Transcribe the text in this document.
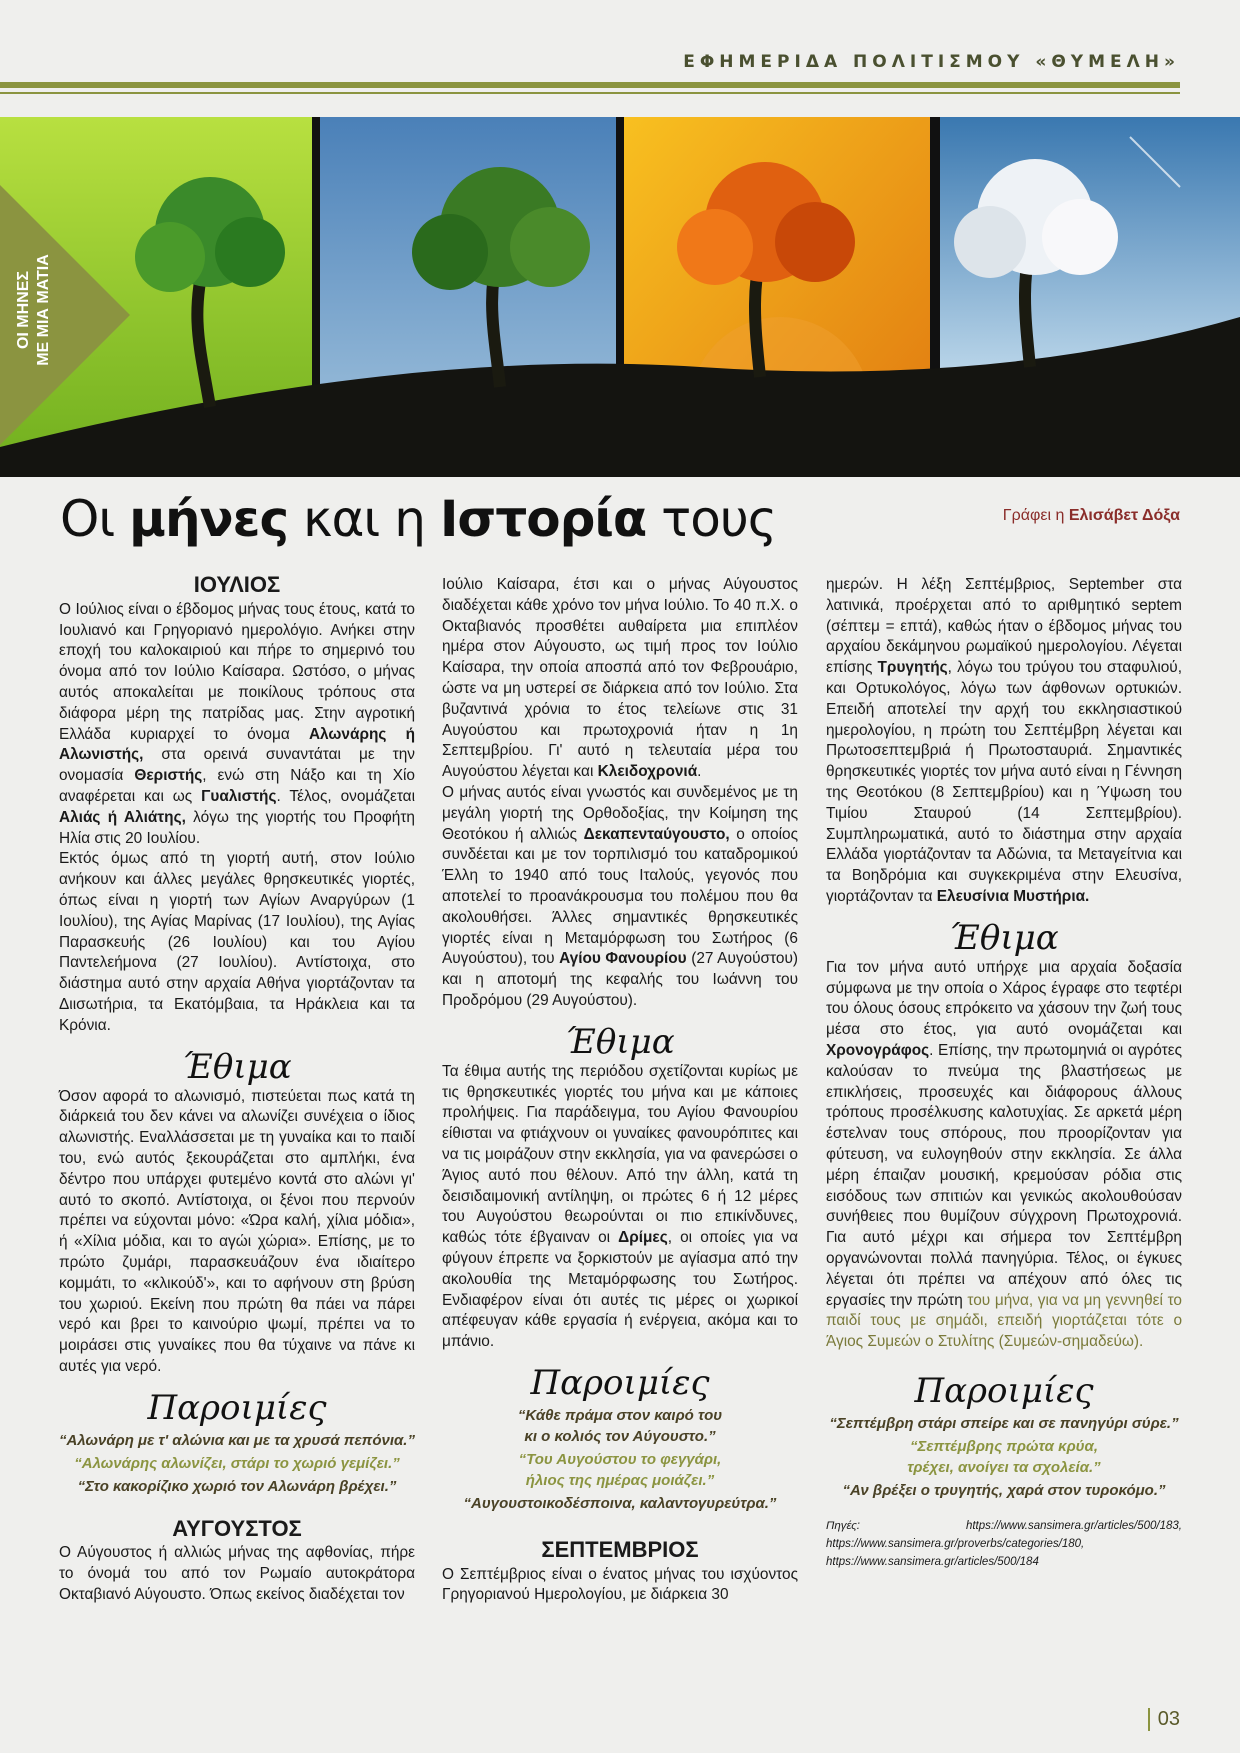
ΕΦΗΜΕΡΙΔΑ ΠΟΛΙΤΙΣΜΟΥ «ΘΥΜΕΛΗ»
ΟΙ ΜΗΝΕΣ ΜΕ ΜΙΑ ΜΑΤΙΑ
Οι μήνες και η Ιστορία τους	Γράφει η Ελισάβετ Δόξα
ΙΟΥΛΙΟΣ

Ο Ιούλιος είναι ο έβδομος μήνας τους έτους, κατά το Ιουλιανό και Γρηγοριανό ημερολόγιο. Ανήκει στην εποχή του καλοκαιριού και πήρε το σημερινό του όνομα από τον Ιούλιο Καίσαρα. Ωστόσο, ο μήνας αυτός αποκαλείται με ποικίλους τρόπους στα διάφορα μέρη της πατρίδας μας. Στην αγροτική Ελλάδα κυριαρχεί το όνομα Αλωνάρης ή Αλωνιστής, στα ορεινά συναντάται με την ονομασία Θεριστής, ενώ στη Νάξο και τη Χίο αναφέρεται και ως Γυαλιστής. Τέλος, ονομάζεται Αλιάς ή Αλιάτης, λόγω της γιορτής του Προφήτη Ηλία στις 20 Ιουλίου.

Εκτός όμως από τη γιορτή αυτή, στον Ιούλιο ανήκουν και άλλες μεγάλες θρησκευτικές γιορτές, όπως είναι η γιορτή των Αγίων Αναργύρων (1 Ιουλίου), της Αγίας Μαρίνας (17 Ιουλίου), της Αγίας Παρασκευής (26 Ιουλίου) και του Αγίου Παντελεήμονα (27 Ιουλίου). Αντίστοιχα, στο διάστημα αυτό στην αρχαία Αθήνα γιορτάζονταν τα Διισωτήρια, τα Εκατόμβαια, τα Ηράκλεια και τα Κρόνια.

Έθιμα

Όσον αφορά το αλωνισμό, πιστεύεται πως κατά τη διάρκειά του δεν κάνει να αλωνίζει συνέχεια ο ίδιος αλωνιστής. Εναλλάσσεται με τη γυναίκα και το παιδί του, ενώ αυτός ξεκουράζεται στο αμπλήκι, ένα δέντρο που υπάρχει φυτεμένο κοντά στο αλώνι γι' αυτό το σκοπό. Αντίστοιχα, οι ξένοι που περνούν πρέπει να εύχονται μόνο: «Ώρα καλή, χίλια μόδια», ή «Χίλια μόδια, και το αγώι χώρια». Επίσης, με το πρώτο ζυμάρι, παρασκευάζουν ένα ιδιαίτερο κομμάτι, το «κλικούδ'», και το αφήνουν στη βρύση του χωριού. Εκείνη που πρώτη θα πάει να πάρει νερό και βρει το καινούριο ψωμί, πρέπει να το μοιράσει στις γυναίκες που θα τύχαινε να πάνε κι αυτές για νερό.

Παροιμίες
“Αλωνάρη με τ' αλώνια και με τα χρυσά πεπόνια.”
“Αλωνάρης αλωνίζει, στάρι το χωριό γεμίζει.”
“Στο κακορίζικο χωριό τον Αλωνάρη βρέχει.”
ΑΥΓΟΥΣΤΟΣ

Ο Αύγουστος ή αλλιώς μήνας της αφθονίας, πήρε το όνομά του από τον Ρωμαίο αυτοκράτορα Οκταβιανό Αύγουστο. Όπως εκείνος διαδέχεται τον

Ιούλιο Καίσαρα, έτσι και ο μήνας Αύγουστος διαδέχεται κάθε χρόνο τον μήνα Ιούλιο. Το 40 π.Χ. ο Οκταβιανός προσθέτει αυθαίρετα μια επιπλέον ημέρα στον Αύγουστο, ως τιμή προς τον Ιούλιο Καίσαρα, την οποία αποσπά από τον Φεβρουάριο, ώστε να μη υστερεί σε διάρκεια από τον Ιούλιο. Στα βυζαντινά χρόνια το έτος τελείωνε στις 31 Αυγούστου και πρωτοχρονιά ήταν η 1η Σεπτεμβρίου. Γι' αυτό η τελευταία μέρα του Αυγούστου λέγεται και Κλειδοχρονιά.

Ο μήνας αυτός είναι γνωστός και συνδεμένος με τη μεγάλη γιορτή της Ορθοδοξίας, την Κοίμηση της Θεοτόκου ή αλλιώς Δεκαπενταύγουστο, ο οποίος συνδέεται και με τον τορπιλισμό του καταδρομικού Έλλη το 1940 από τους Ιταλούς, γεγονός που αποτελεί το προανάκρουσμα του πολέμου που θα ακολουθήσει. Άλλες σημαντικές θρησκευτικές γιορτές είναι η Μεταμόρφωση του Σωτήρος (6 Αυγούστου), του Αγίου Φανουρίου (27 Αυγούστου) και η αποτομή της κεφαλής του Ιωάννη του Προδρόμου (29 Αυγούστου).

Έθιμα

Τα έθιμα αυτής της περιόδου σχετίζονται κυρίως με τις θρησκευτικές γιορτές του μήνα και με κάποιες προλήψεις. Για παράδειγμα, του Αγίου Φανουρίου είθισται να φτιάχνουν οι γυναίκες φανουρόπιτες και να τις μοιράζουν στην εκκλησία, για να φανερώσει ο Άγιος αυτό που θέλουν. Από την άλλη, κατά τη δεισιδαιμονική αντίληψη, οι πρώτες 6 ή 12 μέρες του Αυγούστου θεωρούνται οι πιο επικίνδυνες, καθώς τότε έβγαιναν οι Δρίμες, οι οποίες για να φύγουν έπρεπε να ξορκιστούν με αγίασμα από την ακολουθία της Μεταμόρφωσης του Σωτήρος. Ενδιαφέρον είναι ότι αυτές τις μέρες οι χωρικοί απέφευγαν κάθε εργασία ή ενέργεια, ακόμα και το μπάνιο.

Παροιμίες
“Κάθε πράμα στον καιρό του
κι ο κολιός τον Αύγουστο.”
“Του Αυγούστου το φεγγάρι,
ήλιος της ημέρας μοιάζει.”
“Αυγουστοικοδέσποινα, καλαντογυρεύτρα.”
ΣΕΠΤΕΜΒΡΙΟΣ

Ο Σεπτέμβριος είναι ο ένατος μήνας του ισχύοντος Γρηγοριανού Ημερολογίου, με διάρκεια 30

ημερών. Η λέξη Σεπτέμβριος, September στα λατινικά, προέρχεται από το αριθμητικό septem (σέπτεμ = επτά), καθώς ήταν ο έβδομος μήνας του αρχαίου δεκάμηνου ρωμαϊκού ημερολογίου. Λέγεται επίσης Τρυγητής, λόγω του τρύγου του σταφυλιού, και Ορτυκολόγος, λόγω των άφθονων ορτυκιών. Επειδή αποτελεί την αρχή του εκκλησιαστικού ημερολογίου, η πρώτη του Σεπτέμβρη λέγεται και Πρωτοσεπτεμβριά ή Πρωτοσταυριά. Σημαντικές θρησκευτικές γιορτές τον μήνα αυτό είναι η Γέννηση της Θεοτόκου (8 Σεπτεμβρίου) και η Ύψωση του Τιμίου Σταυρού (14 Σεπτεμβρίου). Συμπληρωματικά, αυτό το διάστημα στην αρχαία Ελλάδα γιορτάζονταν τα Αδώνια, τα Μεταγείτνια και τα Βοηδρόμια και συγκεκριμένα στην Ελευσίνα, γιορτάζονταν τα Ελευσίνια Μυστήρια.

Έθιμα

Για τον μήνα αυτό υπήρχε μια αρχαία δοξασία σύμφωνα με την οποία ο Χάρος έγραφε στο τεφτέρι του όλους όσους επρόκειτο να χάσουν την ζωή τους μέσα στο έτος, για αυτό ονομάζεται και Χρονογράφος. Επίσης, την πρωτομηνιά οι αγρότες καλούσαν το πνεύμα της βλαστήσεως με επικλήσεις, προσευχές και διάφορους άλλους τρόπους προσέλκυσης καλοτυχίας. Σε αρκετά μέρη έστελναν τους σπόρους, που προορίζονταν για φύτευση, να ευλογηθούν στην εκκλησία. Σε άλλα μέρη έπαιζαν μουσική, κρεμούσαν ρόδια στις εισόδους των σπιτιών και γενικώς ακολουθούσαν συνήθειες που θυμίζουν σύγχρονη Πρωτοχρονιά. Για αυτό μέχρι και σήμερα τον Σεπτέμβρη οργανώνονται πολλά πανηγύρια. Τέλος, οι έγκυες λέγεται ότι πρέπει να απέχουν από όλες τις εργασίες την πρώτη του μήνα, για να μη γεννηθεί το παιδί τους με σημάδι, επειδή γιορτάζεται τότε ο Άγιος Συμεών ο Στυλίτης (Συμεών-σημαδεύω).

Παροιμίες
“Σεπτέμβρη στάρι σπείρε και σε πανηγύρι σύρε.”
“Σεπτέμβρης πρώτα κρύα,
τρέχει, ανοίγει τα σχολεία.”
“Αν βρέξει ο τρυγητής, χαρά στον τυροκόμο.”
Πηγές: https://www.sansimera.gr/articles/500/183, https://www.sansimera.gr/proverbs/categories/180, https://www.sansimera.gr/articles/500/184
03
